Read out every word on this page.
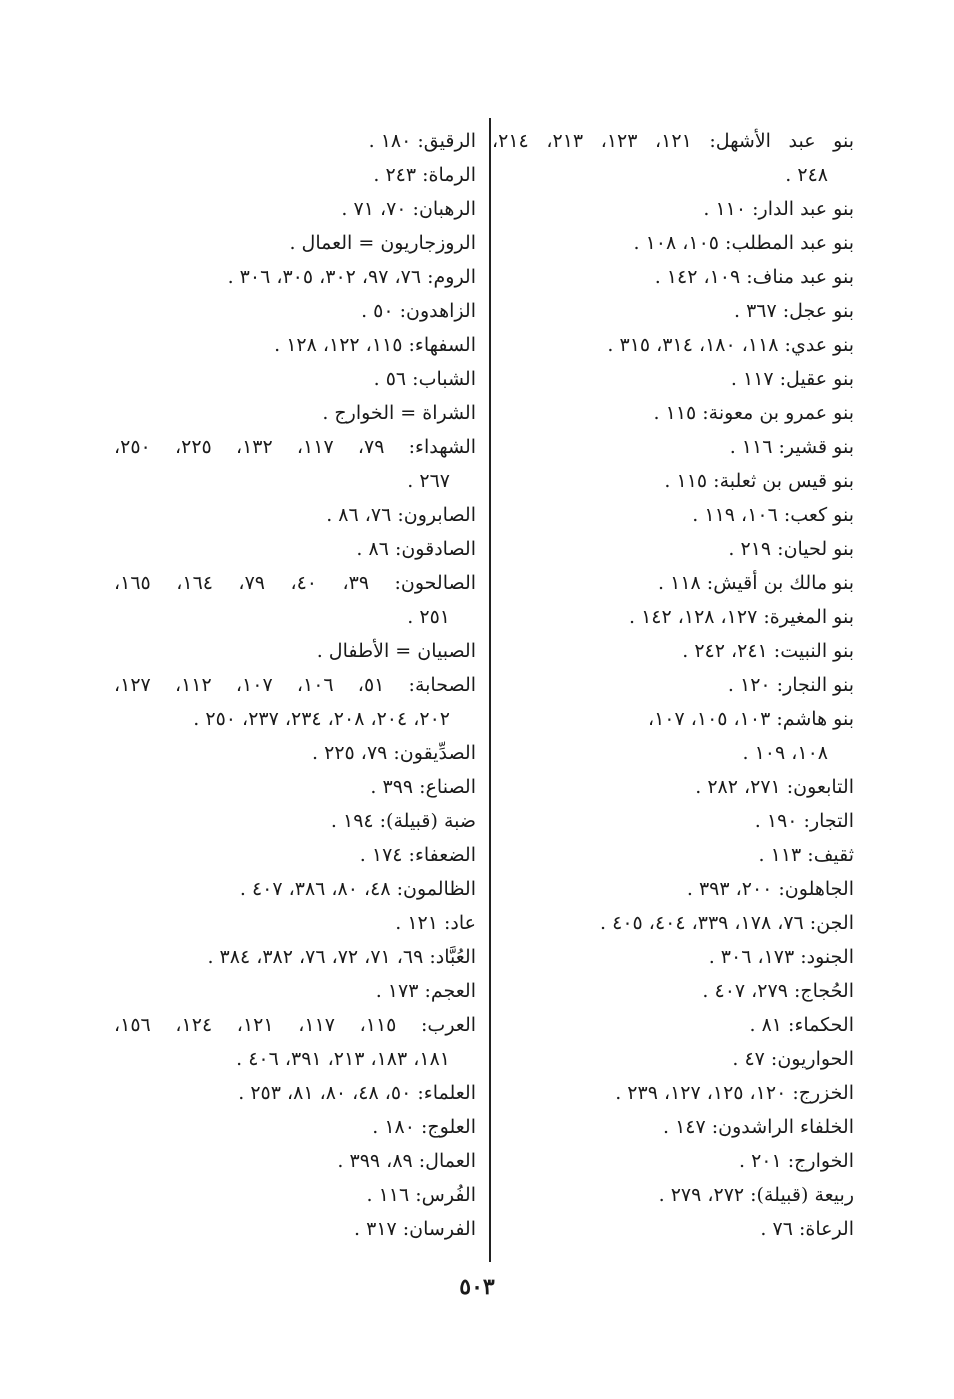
بنو عبد الأشهل: ١٢١، ١٢٣، ٢١٣، ٢١٤،
٢٤٨ .
بنو عبد الدار: ١١٠ .
بنو عبد المطلب: ١٠٥، ١٠٨ .
بنو عبد مناف: ١٠٩، ١٤٢ .
بنو عجل: ٣٦٧ .
بنو عدي: ١١٨، ١٨٠، ٣١٤، ٣١٥ .
بنو عقيل: ١١٧ .
بنو عمرو بن معونة: ١١٥ .
بنو قشير: ١١٦ .
بنو قيس بن ثعلبة: ١١٥ .
بنو كعب: ١٠٦، ١١٩ .
بنو لحيان: ٢١٩ .
بنو مالك بن أقيش: ١١٨ .
بنو المغيرة: ١٢٧، ١٢٨، ١٤٢ .
بنو النبيت: ٢٤١، ٢٤٢ .
بنو النجار: ١٢٠ .
بنو هاشم: ١٠٣، ١٠٥، ١٠٧،
١٠٨، ١٠٩ .
التابعون: ٢٧١، ٢٨٢ .
التجار: ١٩٠ .
ثقيف: ١١٣ .
الجاهلون: ٢٠٠، ٣٩٣ .
الجن: ٧٦، ١٧٨، ٣٣٩، ٤٠٤، ٤٠٥ .
الجنود: ١٧٣، ٣٠٦ .
الحُجاج: ٢٧٩، ٤٠٧ .
الحكماء: ٨١ .
الحواريون: ٤٧ .
الخزرج: ١٢٠، ١٢٥، ١٢٧، ٢٣٩ .
الخلفاء الراشدون: ١٤٧ .
الخوارج: ٢٠١ .
ربيعة (قبيلة): ٢٧٢، ٢٧٩ .
الرعاة: ٧٦ .
الرقيق: ١٨٠ .
الرماة: ٢٤٣ .
الرهبان: ٧٠، ٧١ .
الروزجاريون = العمال .
الروم: ٧٦، ٩٧، ٣٠٢، ٣٠٥، ٣٠٦ .
الزاهدون: ٥٠ .
السفهاء: ١١٥، ١٢٢، ١٢٨ .
الشباب: ٥٦ .
الشراة = الخوارج .
الشهداء: ٧٩، ١١٧، ١٣٢، ٢٢٥، ٢٥٠،
٢٦٧ .
الصابرون: ٧٦، ٨٦ .
الصادقون: ٨٦ .
الصالحون: ٣٩، ٤٠، ٧٩، ١٦٤، ١٦٥،
٢٥١ .
الصبيان = الأطفال .
الصحابة: ٥١، ١٠٦، ١٠٧، ١١٢، ١٢٧،
٢٠٢، ٢٠٤، ٢٠٨، ٢٣٤، ٢٣٧، ٢٥٠ .
الصدِّيقون: ٧٩، ٢٢٥ .
الصناع: ٣٩٩ .
ضبة (قبيلة): ١٩٤ .
الضعفاء: ١٧٤ .
الظالمون: ٤٨، ٨٠، ٣٨٦، ٤٠٧ .
عاد: ١٢١ .
العُبَّاد: ٦٩، ٧١، ٧٢، ٧٦، ٣٨٢، ٣٨٤ .
العجم: ١٧٣ .
العرب: ١١٥، ١١٧، ١٢١، ١٢٤، ١٥٦،
١٨١، ١٨٣، ٢١٣، ٣٩١، ٤٠٦ .
العلماء: ٥٠، ٤٨، ٨٠، ٨١، ٢٥٣ .
العلوج: ١٨٠ .
العمال: ٨٩، ٣٩٩ .
الفُرس: ١١٦ .
الفرسان: ٣١٧ .
٥٠٣
